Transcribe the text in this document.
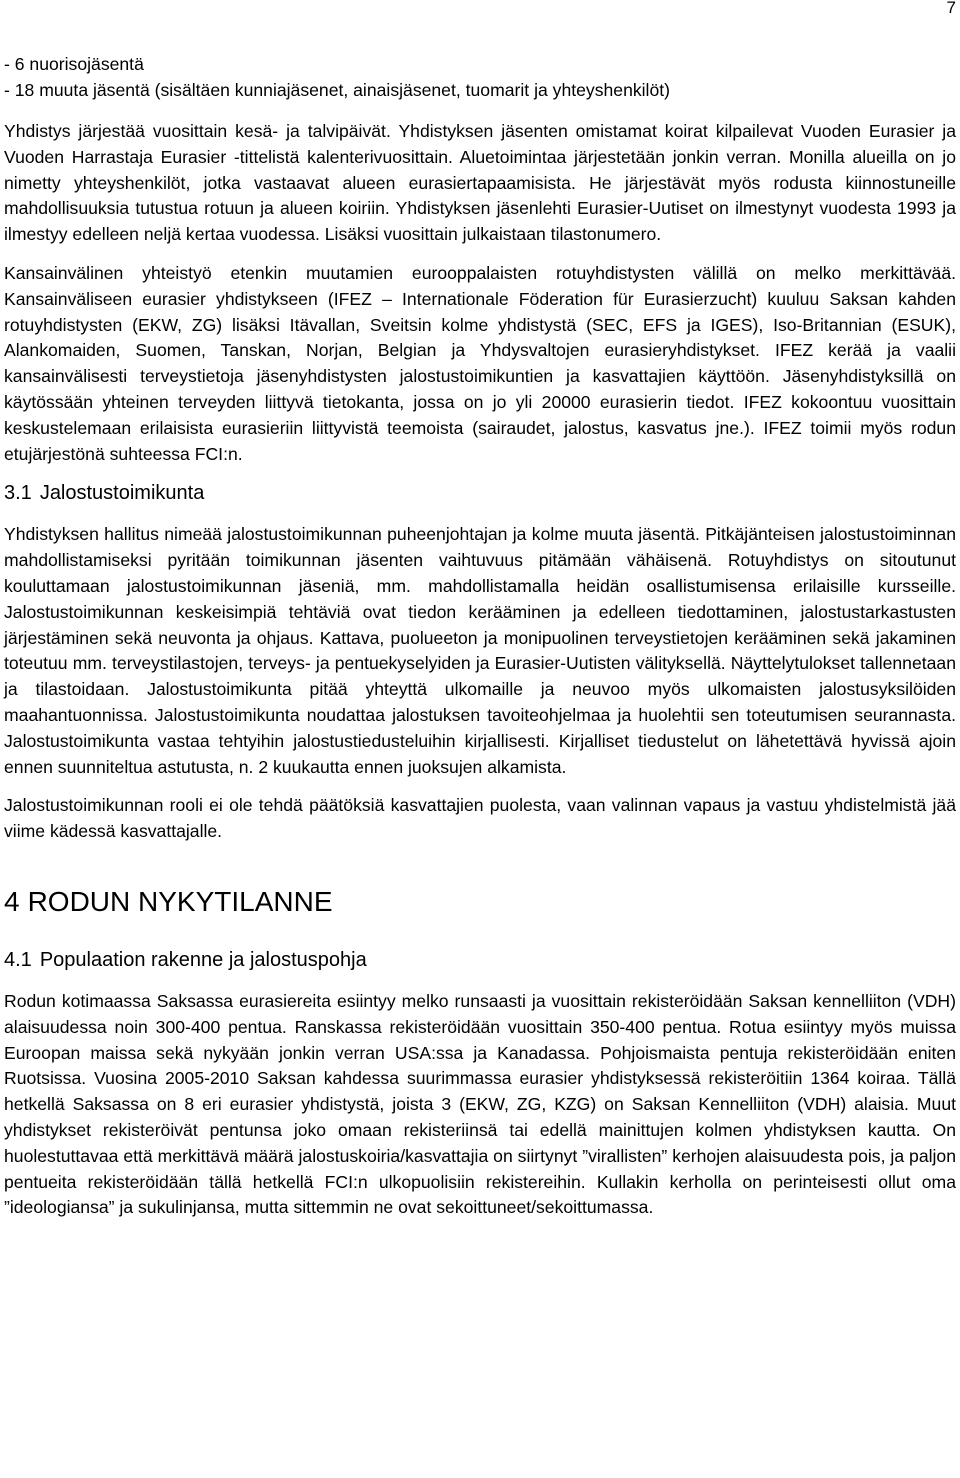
7
- 6 nuorisojäsentä
- 18 muuta jäsentä (sisältäen kunniajäsenet, ainaisjäsenet, tuomarit ja yhteyshenkilöt)

Yhdistys järjestää vuosittain kesä- ja talvipäivät. Yhdistyksen jäsenten omistamat koirat kilpailevat Vuoden Eurasier ja Vuoden Harrastaja Eurasier -tittelistä kalenterivuosittain. Aluetoimintaa järjestetään jonkin verran. Monilla alueilla on jo nimetty yhteyshenkilöt, jotka vastaavat alueen eurasiertapaamisista. He järjestävät myös rodusta kiinnostuneille mahdollisuuksia tutustua rotuun ja alueen koiriin. Yhdistyksen jäsenlehti Eurasier-Uutiset on ilmestynyt vuodesta 1993 ja ilmestyy edelleen neljä kertaa vuodessa. Lisäksi vuosittain julkaistaan tilastonumero.

Kansainvälinen yhteistyö etenkin muutamien eurooppalaisten rotuyhdistysten välillä on melko merkittävää. Kansainväliseen eurasier yhdistykseen (IFEZ – Internationale Föderation für Eurasierzucht) kuuluu Saksan kahden rotuyhdistysten (EKW, ZG) lisäksi Itävallan, Sveitsin kolme yhdistystä (SEC, EFS ja IGES), Iso-Britannian (ESUK), Alankomaiden, Suomen, Tanskan, Norjan, Belgian ja Yhdysvaltojen eurasieryhdistykset. IFEZ kerää ja vaalii kansainvälisesti terveystietoja jäsenyhdistysten jalostustoimikuntien ja kasvattajien käyttöön. Jäsenyhdistyksillä on käytössään yhteinen terveyden liittyvä tietokanta, jossa on jo yli 20000 eurasierin tiedot. IFEZ kokoontuu vuosittain keskustelemaan erilaisista eurasieriin liittyvistä teemoista (sairaudet, jalostus, kasvatus jne.). IFEZ toimii myös rodun etujärjestönä suhteessa FCI:n.

3.1 Jalostustoimikunta

Yhdistyksen hallitus nimeää jalostustoimikunnan puheenjohtajan ja kolme muuta jäsentä. Pitkäjänteisen jalostustoiminnan mahdollistamiseksi pyritään toimikunnan jäsenten vaihtuvuus pitämään vähäisenä. Rotuyhdistys on sitoutunut kouluttamaan jalostustoimikunnan jäseniä, mm. mahdollistamalla heidän osallistumisensa erilaisille kursseille. Jalostustoimikunnan keskeisimpiä tehtäviä ovat tiedon kerääminen ja edelleen tiedottaminen, jalostustarkastusten järjestäminen sekä neuvonta ja ohjaus. Kattava, puolueeton ja monipuolinen terveystietojen kerääminen sekä jakaminen toteutuu mm. terveystilastojen, terveys- ja pentuekyselyiden ja Eurasier-Uutisten välityksellä. Näyttelytulokset tallennetaan ja tilastoidaan. Jalostustoimikunta pitää yhteyttä ulkomaille ja neuvoo myös ulkomaisten jalostusyksilöiden maahantuonnissa. Jalostustoimikunta noudattaa jalostuksen tavoiteohjelmaa ja huolehtii sen toteutumisen seurannasta. Jalostustoimikunta vastaa tehtyihin jalostustiedusteluihin kirjallisesti. Kirjalliset tiedustelut on lähetettävä hyvissä ajoin ennen suunniteltua astutusta, n. 2 kuukautta ennen juoksujen alkamista.

Jalostustoimikunnan rooli ei ole tehdä päätöksiä kasvattajien puolesta, vaan valinnan vapaus ja vastuu yhdistelmistä jää viime kädessä kasvattajalle.

4 RODUN NYKYTILANNE
4.1 Populaation rakenne ja jalostuspohja

Rodun kotimaassa Saksassa eurasiereita esiintyy melko runsaasti ja vuosittain rekisteröidään Saksan kennelliiton (VDH) alaisuudessa noin 300-400 pentua. Ranskassa rekisteröidään vuosittain 350-400 pentua. Rotua esiintyy myös muissa Euroopan maissa sekä nykyään jonkin verran USA:ssa ja Kanadassa. Pohjoismaista pentuja rekisteröidään eniten Ruotsissa. Vuosina 2005-2010 Saksan kahdessa suurimmassa eurasier yhdistyksessä rekisteröitiin 1364 koiraa. Tällä hetkellä Saksassa on 8 eri eurasier yhdistystä, joista 3 (EKW, ZG, KZG) on Saksan Kennelliiton (VDH) alaisia. Muut yhdistykset rekisteröivät pentunsa joko omaan rekisteriinsä tai edellä mainittujen kolmen yhdistyksen kautta. On huolestuttavaa että merkittävä määrä jalostuskoiria/kasvattajia on siirtynyt ”virallisten” kerhojen alaisuudesta pois, ja paljon pentueita rekisteröidään tällä hetkellä FCI:n ulkopuolisiin rekistereihin. Kullakin kerholla on perinteisesti ollut oma ”ideologiansa” ja sukulinjansa, mutta sittemmin ne ovat sekoittuneet/sekoittumassa.
